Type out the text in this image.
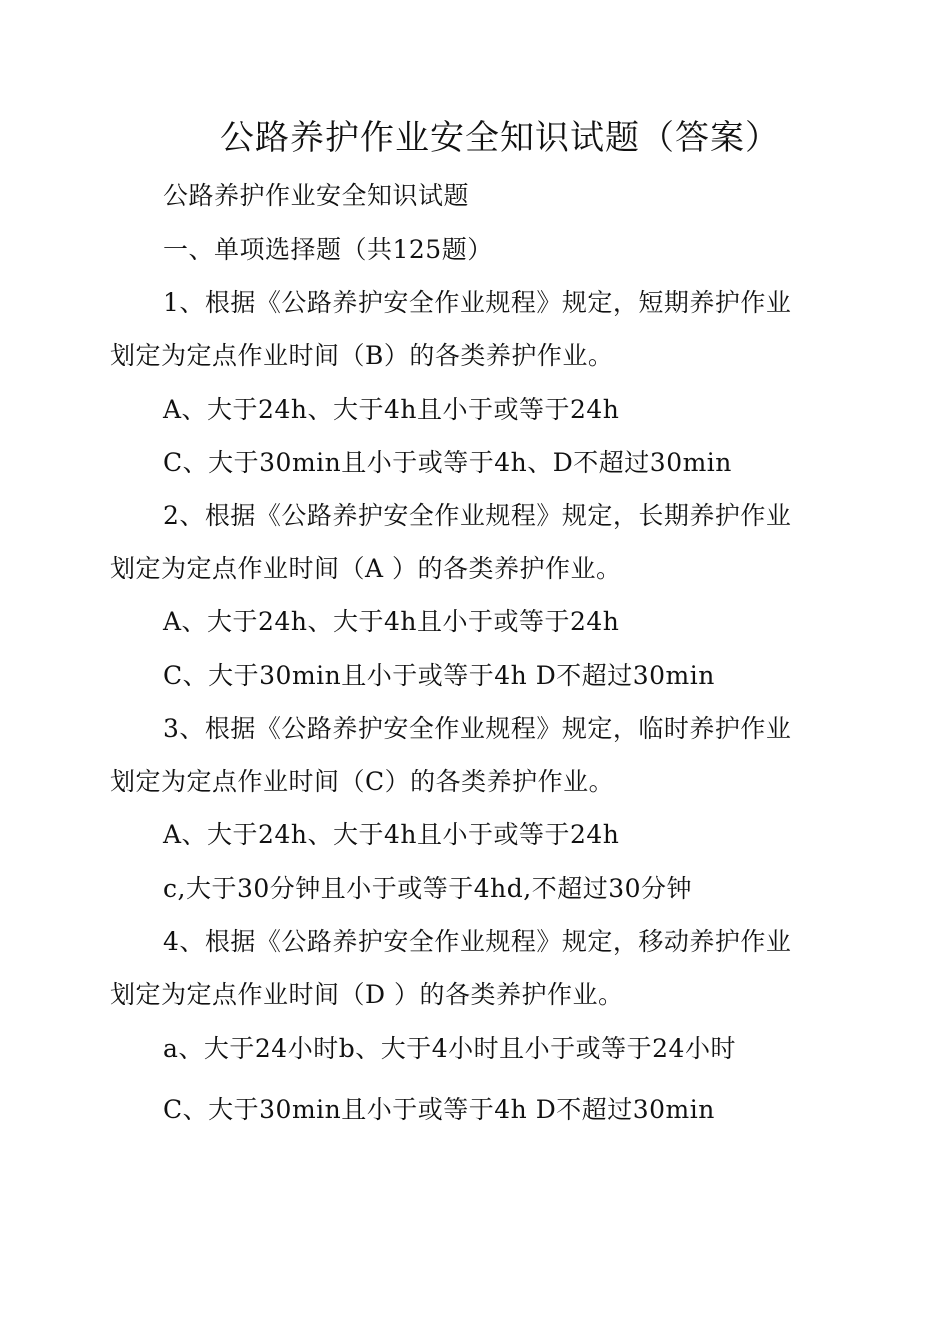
公路养护作业安全知识试题（答案）
公路养护作业安全知识试题
一、单项选择题（共125题）
1、根据《公路养护安全作业规程》规定，短期养护作业
划定为定点作业时间（B）的各类养护作业。
A、大于24h、大于4h且小于或等于24h
C、大于30min且小于或等于4h、D不超过30min
2、根据《公路养护安全作业规程》规定，长期养护作业
划定为定点作业时间（A ）的各类养护作业。
A、大于24h、大于4h且小于或等于24h
C、大于30min且小于或等于4h D不超过30min
3、根据《公路养护安全作业规程》规定，临时养护作业
划定为定点作业时间（C）的各类养护作业。
A、大于24h、大于4h且小于或等于24h
c,大于30分钟且小于或等于4hd,不超过30分钟
4、根据《公路养护安全作业规程》规定，移动养护作业
划定为定点作业时间（D ）的各类养护作业。
a、大于24小时b、大于4小时且小于或等于24小时
C、大于30min且小于或等于4h D不超过30min
